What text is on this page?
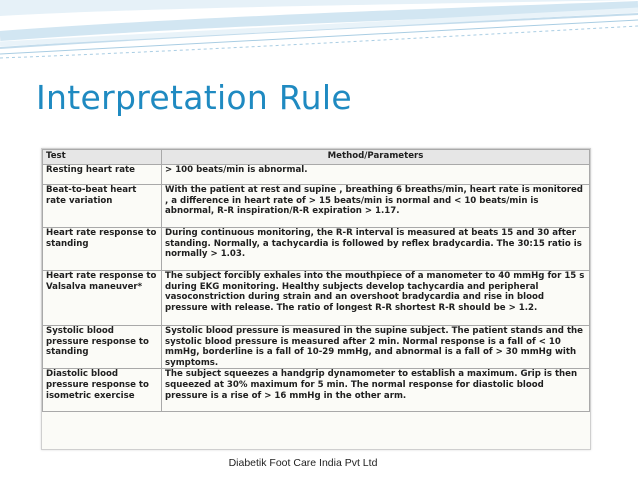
Interpretation Rule
Test	Method/Parameters
Resting heart rate	> 100 beats/min is abnormal.
Beat-to-beat heart rate variation	With the patient at rest and supine , breathing 6 breaths/min, heart rate is monitored , a difference in heart rate of > 15 beats/min is normal and < 10 beats/min is abnormal, R-R inspiration/R-R expiration > 1.17.
Heart rate response to standing	During continuous monitoring, the R-R interval is measured at beats 15 and 30 after standing. Normally, a tachycardia is followed by reflex bradycardia. The 30:15 ratio is normally > 1.03.
Heart rate response to Valsalva maneuver*	The subject forcibly exhales into the mouthpiece of a manometer to 40 mmHg for 15 s during EKG monitoring. Healthy subjects develop tachycardia and peripheral vasoconstriction during strain and an overshoot bradycardia and rise in blood pressure with release. The ratio of longest R-R shortest R-R should be > 1.2.
Systolic blood pressure response to standing	Systolic blood pressure is measured in the supine subject. The patient stands and the systolic blood pressure is measured after 2 min. Normal response is a fall of < 10 mmHg, borderline is a fall of 10-29 mmHg, and abnormal is a fall of > 30 mmHg with symptoms.
Diastolic blood pressure response to isometric exercise	The subject squeezes a handgrip dynamometer to establish a maximum. Grip is then squeezed at 30% maximum for 5 min. The normal response for diastolic blood pressure is a rise of > 16 mmHg in the other arm.
Diabetik Foot Care India Pvt Ltd
